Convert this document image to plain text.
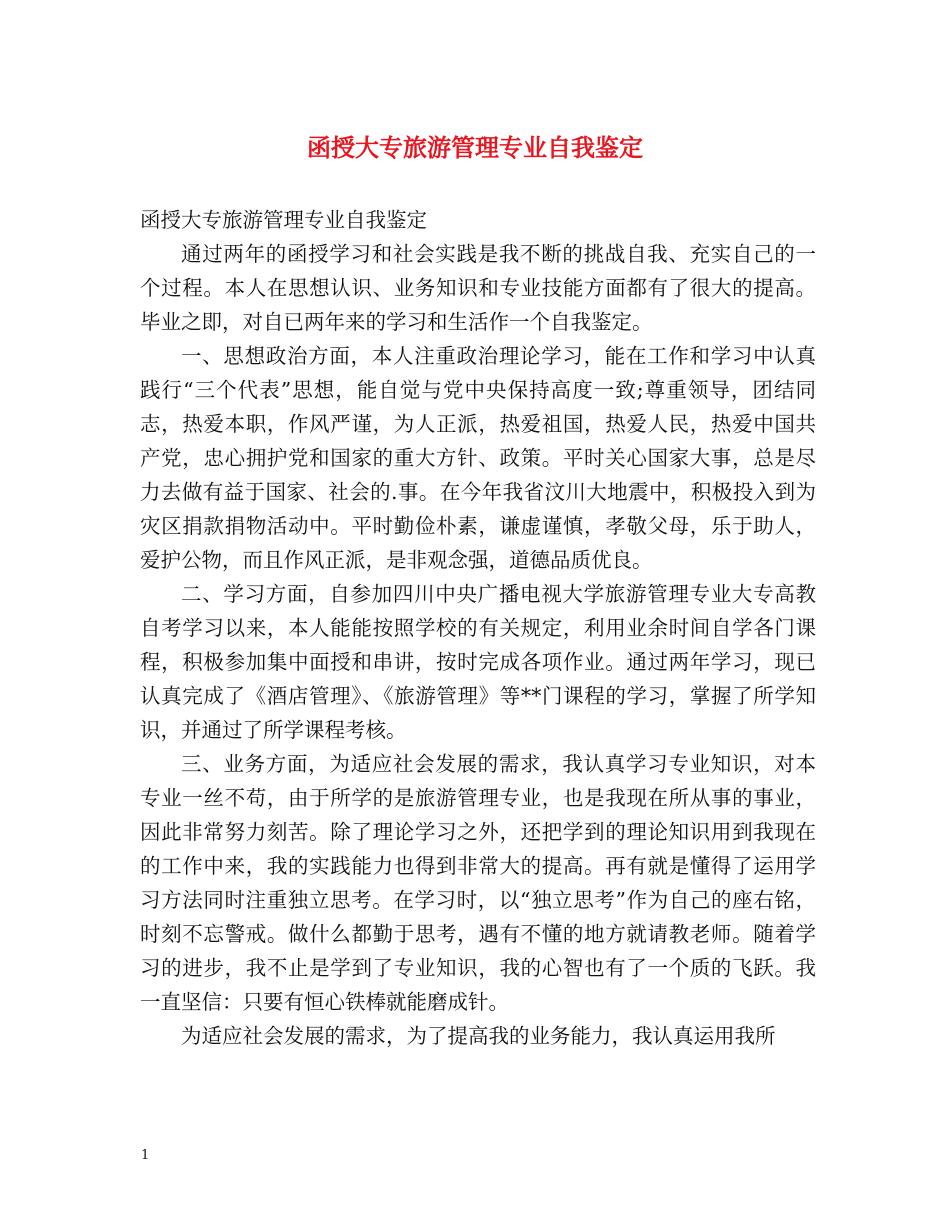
函授大专旅游管理专业自我鉴定
函授大专旅游管理专业自我鉴定

通过两年的函授学习和社会实践是我不断的挑战自我、充实自己的一个过程。本人在思想认识、业务知识和专业技能方面都有了很大的提高。毕业之即，对自已两年来的学习和生活作一个自我鉴定。

一、思想政治方面，本人注重政治理论学习，能在工作和学习中认真践行“三个代表”思想，能自觉与党中央保持高度一致;尊重领导，团结同志，热爱本职，作风严谨，为人正派，热爱祖国，热爱人民，热爱中国共产党，忠心拥护党和国家的重大方针、政策。平时关心国家大事，总是尽力去做有益于国家、社会的.事。在今年我省汶川大地震中，积极投入到为灾区捐款捐物活动中。平时勤俭朴素，谦虚谨慎，孝敬父母，乐于助人，爱护公物，而且作风正派，是非观念强，道德品质优良。

二、学习方面，自参加四川中央广播电视大学旅游管理专业大专高教自考学习以来，本人能能按照学校的有关规定，利用业余时间自学各门课程，积极参加集中面授和串讲，按时完成各项作业。通过两年学习，现已认真完成了《酒店管理》、《旅游管理》等**门课程的学习，掌握了所学知识，并通过了所学课程考核。

三、业务方面，为适应社会发展的需求，我认真学习专业知识，对本专业一丝不苟，由于所学的是旅游管理专业，也是我现在所从事的事业，因此非常努力刻苦。除了理论学习之外，还把学到的理论知识用到我现在的工作中来，我的实践能力也得到非常大的提高。再有就是懂得了运用学习方法同时注重独立思考。在学习时，以“独立思考”作为自己的座右铭，时刻不忘警戒。做什么都勤于思考，遇有不懂的地方就请教老师。随着学习的进步，我不止是学到了专业知识，我的心智也有了一个质的飞跃。我一直坚信：只要有恒心铁棒就能磨成针。

为适应社会发展的需求，为了提高我的业务能力，我认真运用我所

1
